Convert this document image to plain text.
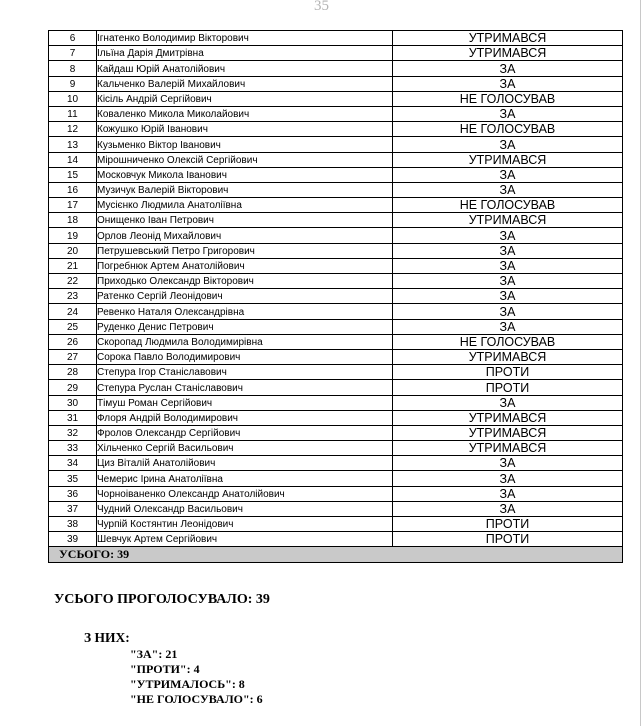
35
6	Ігнатенко Володимир Вікторович	УТРИМАВСЯ
7	Ільїна Дарія Дмитрівна	УТРИМАВСЯ
8	Кайдаш Юрій Анатолійович	ЗА
9	Кальченко Валерій Михайлович	ЗА
10	Кісіль Андрій Сергійович	НЕ ГОЛОСУВАВ
11	Коваленко Микола Миколайович	ЗА
12	Кожушко Юрій Іванович	НЕ ГОЛОСУВАВ
13	Кузьменко Віктор Іванович	ЗА
14	Мірошниченко Олексій Сергійович	УТРИМАВСЯ
15	Московчук Микола Іванович	ЗА
16	Музичук Валерій Вікторович	ЗА
17	Мусієнко Людмила Анатоліївна	НЕ ГОЛОСУВАВ
18	Онищенко Іван Петрович	УТРИМАВСЯ
19	Орлов Леонід Михайлович	ЗА
20	Петрушевський Петро Григорович	ЗА
21	Погребнюк Артем Анатолійович	ЗА
22	Приходько Олександр Вікторович	ЗА
23	Ратенко Сергій Леонідович	ЗА
24	Ревенко Наталя Олександрівна	ЗА
25	Руденко Денис Петрович	ЗА
26	Скоропад Людмила Володимирівна	НЕ ГОЛОСУВАВ
27	Сорока Павло Володимирович	УТРИМАВСЯ
28	Степура Ігор Станіславович	ПРОТИ
29	Степура Руслан Станіславович	ПРОТИ
30	Тімуш Роман Сергійович	ЗА
31	Флоря Андрій Володимирович	УТРИМАВСЯ
32	Фролов Олександр Сергійович	УТРИМАВСЯ
33	Хільченко Сергій Васильович	УТРИМАВСЯ
34	Циз Віталій Анатолійович	ЗА
35	Чемерис Ірина Анатоліївна	ЗА
36	Чорноіваненко Олександр Анатолійович	ЗА
37	Чудний Олександр Васильович	ЗА
38	Чурпій Костянтин Леонідович	ПРОТИ
39	Шевчук Артем Сергійович	ПРОТИ
УСЬОГО: 39		
УСЬОГО ПРОГОЛОСУВАЛО: 39
З НИХ:
"ЗА": 21
"ПРОТИ": 4
"УТРИМАЛОСЬ": 8
"НЕ ГОЛОСУВАЛО": 6
